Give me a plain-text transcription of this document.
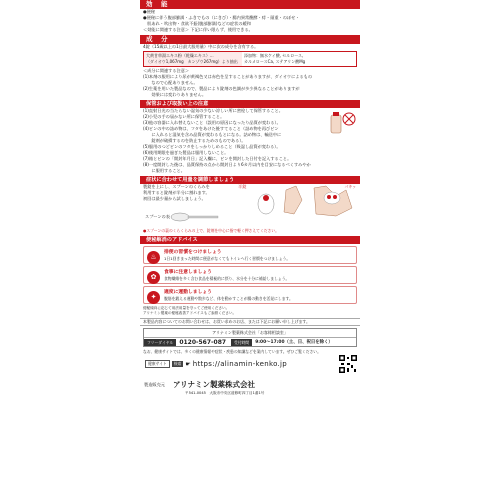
効　能
●便秘
●便秘に伴う腹部膨満・ふきでもの（にきび）・腸内異常醗酵・痔・頭重・のぼせ・
　肌あれ・吹出物・食欲不振(腹部膨満)などの症状の緩和
＜効能に関連する注意＞ 下記に伴い限らず、使用できる。
成　分
4錠（15歳以上の1日最大服用量）中に次の成分を含有する。
大黄甘草湯エキス粉（乾燥エキス）...
（ダイオウ1,067mg　カンゾウ267mg）より抽出
添加物：無水ケイ酸, セルロース,
カルメロースCa, ステアリン酸Mg
＜成分に関連する注意＞
(1)本剤の服用により尿が黄褐色又は赤色を呈することがありますが、ダイオウによるもの
　　なので心配ありません。
(2)生薬を用いた製品なので、製品により錠剤の色調が多少異なることがありますが
　　効果には変わりありません。
保管および取扱い上の注意
(1)直射日光の当たらない湿気の少ない涼しい所に密栓して保管すること。
(2)小児の手の届かない所に保管すること。
(3)他の容器に入れ替えないこと（誤用の原因になったり品質が変わる）。
(4)ビンの中の詰め物は、フタをあけた後すてること（詰め物を再びビン
　　に入れると湿気を含み品質が変わるもとになる。詰め物は、輸送中に
　　錠剤が破損するのを防止するためのものである）。
(5)服用のつどビンのフタをしっかりしめること（吸湿し品質が変わる）。
(6)使用期限を過ぎた製品は服用しないこと。
(7)箱とビンの「開封年月日」記入欄に、ビンを開封した日付を記入すること。
(8)一度開封した後は、品質保持の点から開封日より6カ月以内を目安になるべくすみやか
　　に服用すること。
症状に合わせて用量を調節しましょう
製錠を上にし、スプーンのくらみを
利用すると錠剤が半分に割れます。
初回は最少量から試しましょう。
スプーンの表
半錠	パキッ
●スプーンの裏のくらくらみの上で、錠剤を中心に指で軽く押さえてください。
便秘解消のアドバイス
♨
排便の習慣をつけましょう
1日1回きまった時間に便意がなくてもトイレへ行く習慣をつけましょう。
✿
食事に注意しましょう
食物繊維を多く含む食品を積極的に摂り、水分を十分に補給しましょう。
✦
適度に運動しましょう
腹筋を鍛える運動や散歩など、体を動かすことが腸の動きを活発にします。
便秘傾向に応じて用法用量を守ってご使用ください。
アリナミン製薬の便秘改善アドバイスもご参照ください。
本製品内容についてのお問い合わせは、お買い求めのお店、または下記にお願い申し上げます。
アリナミン製薬株式会社「お客様相談室」
フリーダイヤル	0120-567-087	受付時間	9:00～17:00（土、日、祝日を除く）
なお、健康サイトでは、多くの健康情報や症状・疾患の知識などを案内しています。ぜひご覧ください。
健康サイト	検索 ☛ https://alinamin-kenko.jp
製造販売元 アリナミン製薬株式会社
〒541-0045　大阪市中央区道修町四丁目1番1号
